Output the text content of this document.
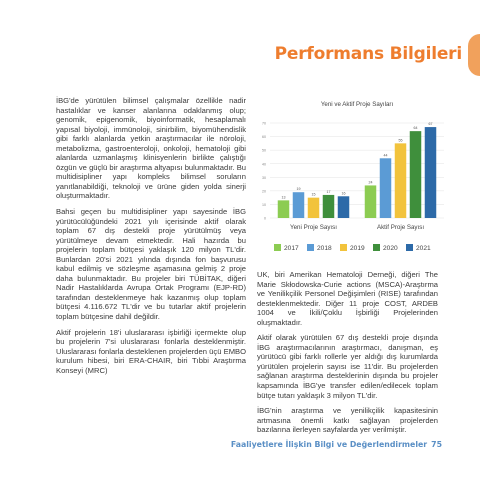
Performans Bilgileri

İBG'de yürütülen bilimsel çalışmalar özellikle nadir hastalıklar ve kanser alanlarına odaklanmış olup; genomik, epigenomik, biyoinformatik, hesaplamalı yapısal biyoloji, immünoloji, sinirbilim, biyomühendislik gibi farklı alanlarda yetkin araştırmacılar ile nöroloji, metabolizma, gastroenteroloji, onkoloji, hematoloji gibi alanlarda uzmanlaşmış klinisyenlerin birlikte çalıştığı özgün ve güçlü bir araştırma altyapısı bulunmaktadır. Bu multidisipliner yapı kompleks bilimsel soruların yanıtlanabildiği, teknoloji ve ürüne giden yolda sinerji oluşturmaktadır.

Bahsi geçen bu multidisipliner yapı sayesinde İBG yürütücülüğündeki 2021 yılı içerisinde aktif olarak toplam 67 dış destekli proje yürütülmüş veya yürütülmeye devam etmektedir. Hali hazırda bu projelerin toplam bütçesi yaklaşık 120 milyon TL'dir. Bunlardan 20'si 2021 yılında dışında fon başvurusu kabul edilmiş ve sözleşme aşamasına gelmiş 2 proje daha bulunmaktadır. Bu projeler biri TÜBİTAK, diğeri Nadir Hastalıklarda Avrupa Ortak Programı (EJP-RD) tarafından desteklenmeye hak kazanmış olup toplam bütçesi 4.116.672 TL'dir ve bu tutarlar aktif projelerin toplam bütçesine dahil değildir.

Aktif projelerin 18'i uluslararası işbirliği içermekte olup bu projelerin 7'si uluslararası fonlarla desteklenmiştir. Uluslararası fonlarla desteklenen projelerden üçü EMBO kurulum hibesi, biri ERA-CHAIR, biri Tıbbi Araştırma Konseyi (MRC)

Yeni ve Aktif Proje Sayıları
0
10
20
30
40
50
60
70
13
19
15
17	16
Yeni Proje Sayısı
24
44
55
64
67
Aktif Proje Sayısı
2017	2018	2019	2020	2021

UK, biri Amerikan Hematoloji Derneği, diğeri The Marie Skłodowska-Curie actions (MSCA)-Araştırma ve Yenilikçilik Personel Değişimleri (RISE) tarafından desteklenmektedir. Diğer 11 proje COST, ARDEB 1004 ve İkili/Çoklu İşbirliği Projelerinden oluşmaktadır.

Aktif olarak yürütülen 67 dış destekli proje dışında İBG araştırmacılarının araştırmacı, danışman, eş yürütücü gibi farklı rollerle yer aldığı dış kurumlarda yürütülen projelerin sayısı ise 11'dir. Bu projelerden sağlanan araştırma desteklerinin dışında bu projeler kapsamında İBG'ye transfer edilen/edilecek toplam bütçe tutarı yaklaşık 3 milyon TL'dir.

İBG'nin araştırma ve yenilikçilik kapasitesinin artmasına önemli katkı sağlayan projelerden bazılarına ilerleyen sayfalarda yer verilmiştir.

Faaliyetlere İlişkin Bilgi ve Değerlendirmeler 75
